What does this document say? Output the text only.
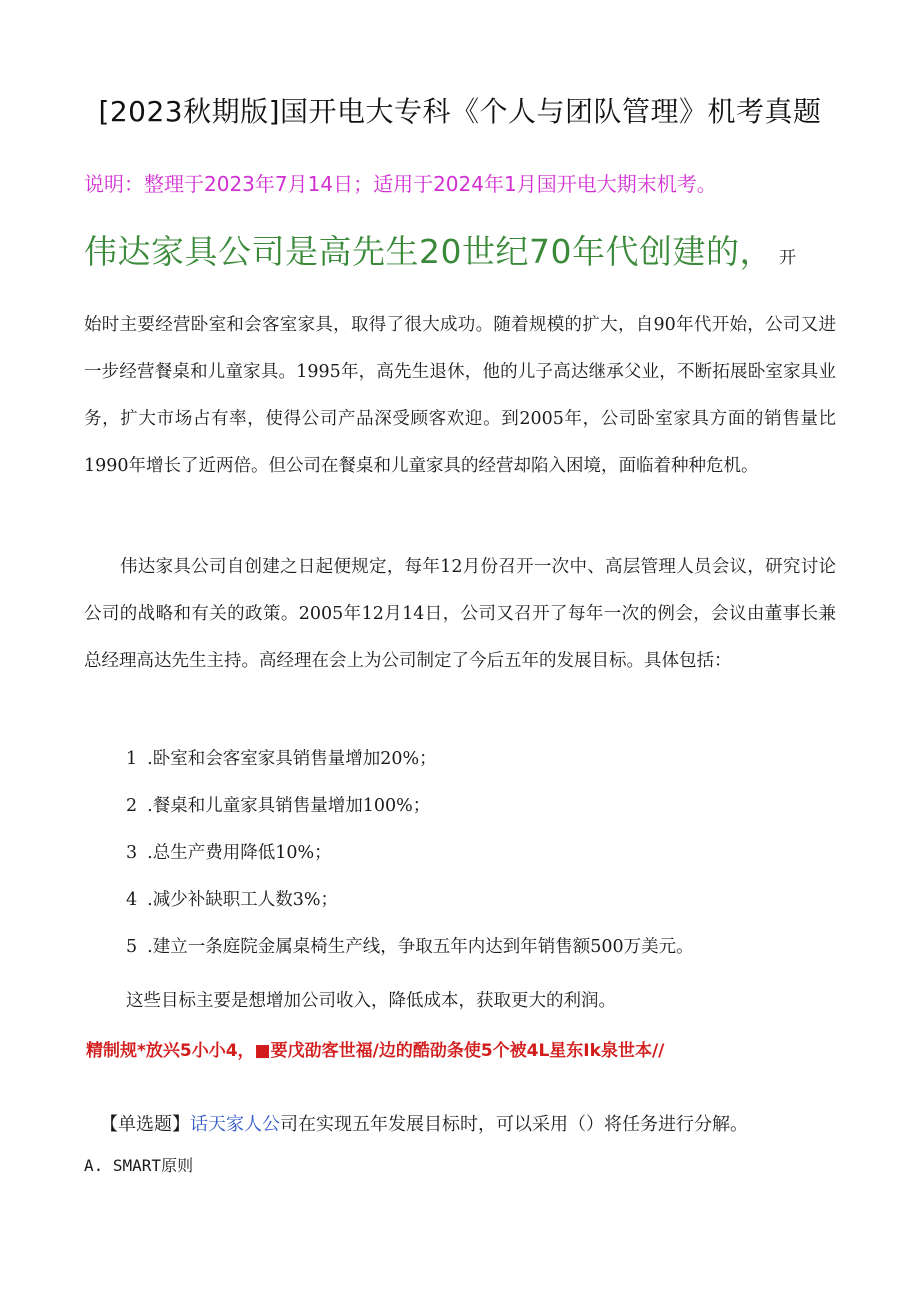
[2023秋期版]国开电大专科《个人与团队管理》机考真题
说明：整理于2023年7月14日；适用于2024年1月国开电大期末机考。
伟达家具公司是高先生20世纪70年代创建的， 开

始时主要经营卧室和会客室家具，取得了很大成功。随着规模的扩大，自90年代开始，公司又进一步经营餐桌和儿童家具。1995年，高先生退休，他的儿子高达继承父业，不断拓展卧室家具业务，扩大市场占有率，使得公司产品深受顾客欢迎。到2005年，公司卧室家具方面的销售量比1990年增长了近两倍。但公司在餐桌和儿童家具的经营却陷入困境，面临着种种危机。

伟达家具公司自创建之日起便规定，每年12月份召开一次中、高层管理人员会议，研究讨论公司的战略和有关的政策。2005年12月14日，公司又召开了每年一次的例会，会议由董事长兼总经理高达先生主持。高经理在会上为公司制定了今后五年的发展目标。具体包括：

1 .卧室和会客室家具销售量增加20%；
2 .餐桌和儿童家具销售量增加100%；
3 .总生产费用降低10%；
4 .减少补缺职工人数3%；
5 .建立一条庭院金属桌椅生产线，争取五年内达到年销售额500万美元。
这些目标主要是想增加公司收入，降低成本，获取更大的利润。
精制规*放兴5小小4，■要戊劭客世福/边的酷劭条使5个被4L星东Ik泉世本//
【单选题】话天家人公司在实现五年发展目标时，可以采用（）将任务进行分解。
A. SMART原则
